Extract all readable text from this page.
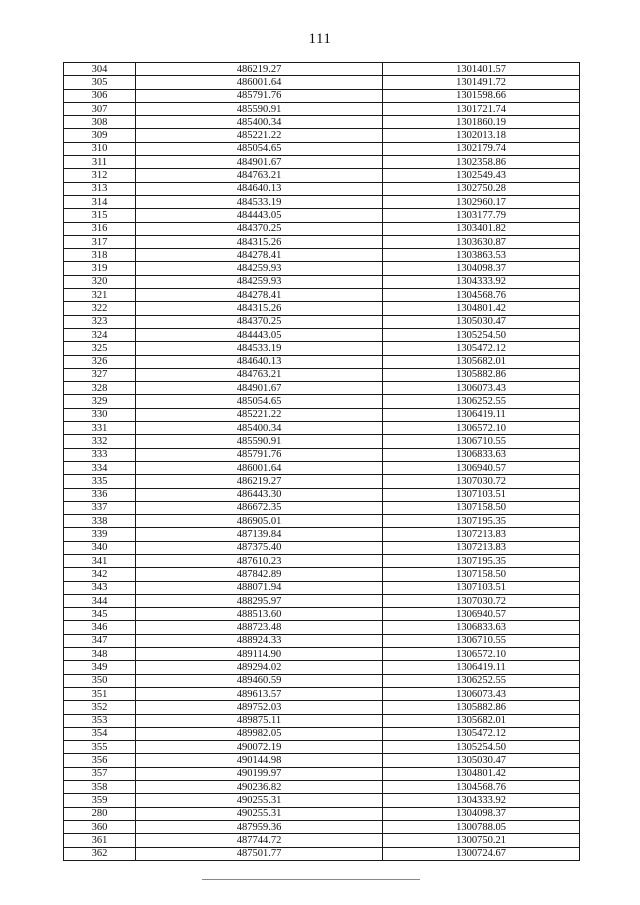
111
304	486219.27	1301401.57
305	486001.64	1301491.72
306	485791.76	1301598.66
307	485590.91	1301721.74
308	485400.34	1301860.19
309	485221.22	1302013.18
310	485054.65	1302179.74
311	484901.67	1302358.86
312	484763.21	1302549.43
313	484640.13	1302750.28
314	484533.19	1302960.17
315	484443.05	1303177.79
316	484370.25	1303401.82
317	484315.26	1303630.87
318	484278.41	1303863.53
319	484259.93	1304098.37
320	484259.93	1304333.92
321	484278.41	1304568.76
322	484315.26	1304801.42
323	484370.25	1305030.47
324	484443.05	1305254.50
325	484533.19	1305472.12
326	484640.13	1305682.01
327	484763.21	1305882.86
328	484901.67	1306073.43
329	485054.65	1306252.55
330	485221.22	1306419.11
331	485400.34	1306572.10
332	485590.91	1306710.55
333	485791.76	1306833.63
334	486001.64	1306940.57
335	486219.27	1307030.72
336	486443.30	1307103.51
337	486672.35	1307158.50
338	486905.01	1307195.35
339	487139.84	1307213.83
340	487375.40	1307213.83
341	487610.23	1307195.35
342	487842.89	1307158.50
343	488071.94	1307103.51
344	488295.97	1307030.72
345	488513.60	1306940.57
346	488723.48	1306833.63
347	488924.33	1306710.55
348	489114.90	1306572.10
349	489294.02	1306419.11
350	489460.59	1306252.55
351	489613.57	1306073.43
352	489752.03	1305882.86
353	489875.11	1305682.01
354	489982.05	1305472.12
355	490072.19	1305254.50
356	490144.98	1305030.47
357	490199.97	1304801.42
358	490236.82	1304568.76
359	490255.31	1304333.92
280	490255.31	1304098.37
360	487959.36	1300788.05
361	487744.72	1300750.21
362	487501.77	1300724.67
